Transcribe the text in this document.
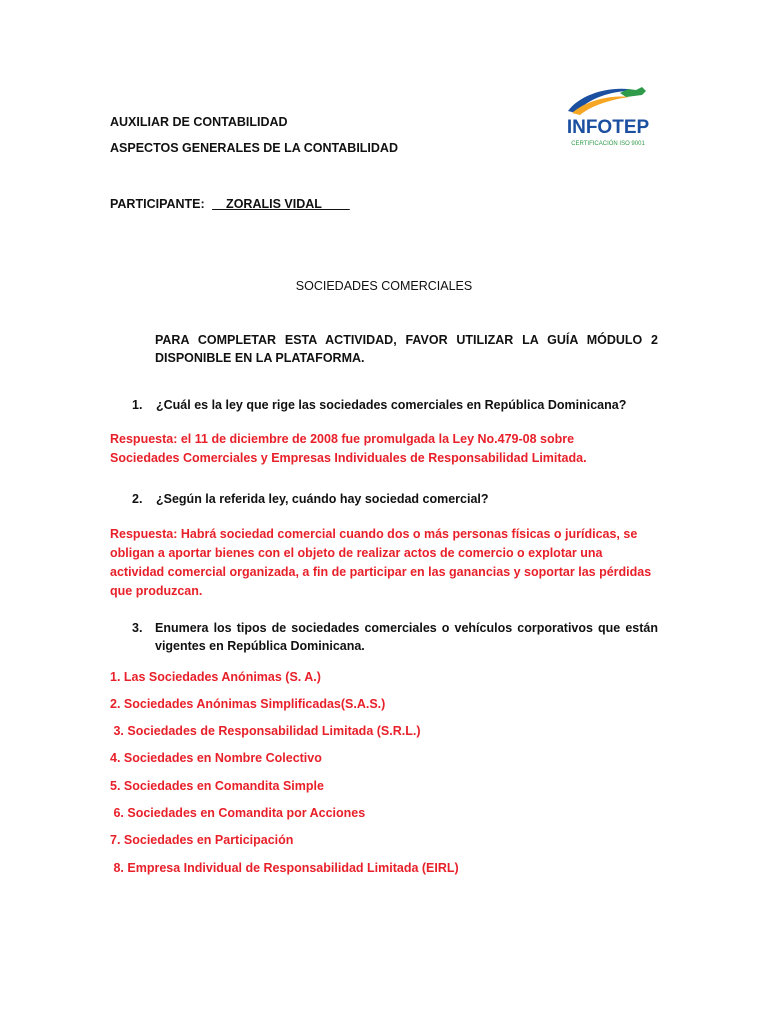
AUXILIAR DE CONTABILIDAD
ASPECTOS GENERALES DE LA CONTABILIDAD
PARTICIPANTE: __ZORALIS VIDAL____
INFOTEP
CERTIFICACIÓN ISO 9001
SOCIEDADES COMERCIALES
PARA COMPLETAR ESTA ACTIVIDAD, FAVOR UTILIZAR LA GUÍA MÓDULO 2 DISPONIBLE EN LA PLATAFORMA.
1. ¿Cuál es la ley que rige las sociedades comerciales en República Dominicana?
Respuesta: el 11 de diciembre de 2008 fue promulgada la Ley No.479-08 sobre Sociedades Comerciales y Empresas Individuales de Responsabilidad Limitada.
2. ¿Según la referida ley, cuándo hay sociedad comercial?
Respuesta: Habrá sociedad comercial cuando dos o más personas físicas o jurídicas, se obligan a aportar bienes con el objeto de realizar actos de comercio o explotar una actividad comercial organizada, a fin de participar en las ganancias y soportar las pérdidas que produzcan.
3.	Enumera los tipos de sociedades comerciales o vehículos corporativos que están vigentes en República Dominicana.
1. Las Sociedades Anónimas (S. A.)
2. Sociedades Anónimas Simplificadas(S.A.S.)
3. Sociedades de Responsabilidad Limitada (S.R.L.)
4. Sociedades en Nombre Colectivo
5. Sociedades en Comandita Simple
6. Sociedades en Comandita por Acciones
7. Sociedades en Participación
8. Empresa Individual de Responsabilidad Limitada (EIRL)
